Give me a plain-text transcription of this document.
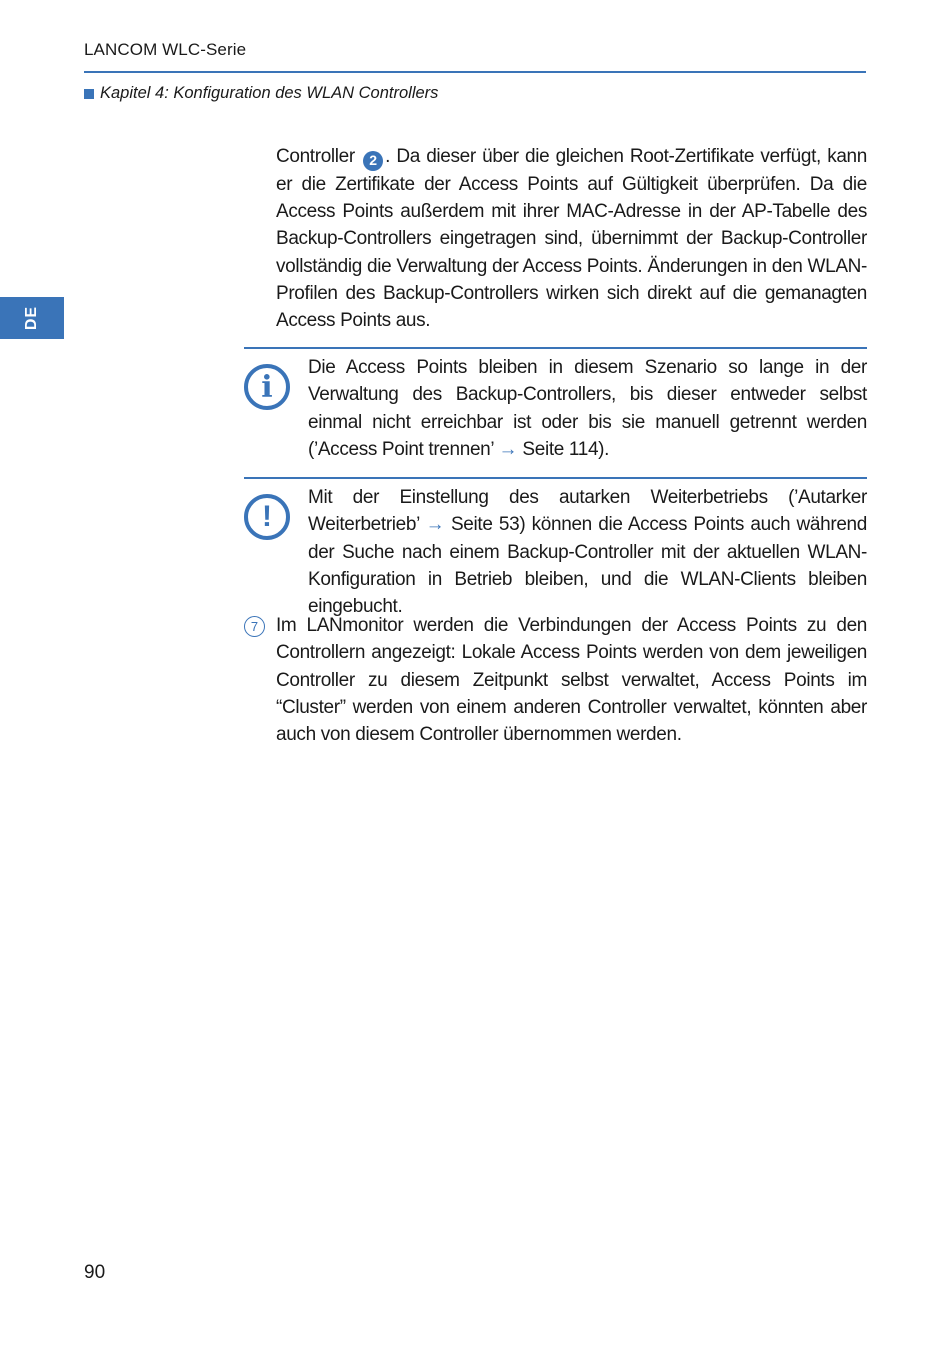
LANCOM WLC-Serie
Kapitel 4: Konfiguration des WLAN Controllers
DE
Controller 2 . Da dieser über die gleichen Root-Zertifikate verfügt, kann er die Zertifikate der Access Points auf Gültigkeit überprüfen. Da die Access Points außerdem mit ihrer MAC-Adresse in der AP-Tabelle des Backup-Controllers eingetragen sind, übernimmt der Backup-Controller vollständig die Verwaltung der Access Points. Änderungen in den WLAN-Profilen des Backup-Controllers wirken sich direkt auf die gemanagten Access Points aus.
i
Die Access Points bleiben in diesem Szenario so lange in der Verwaltung des Backup-Controllers, bis dieser entweder selbst einmal nicht erreichbar ist oder bis sie manuell getrennt werden (’Access Point trennen’ → Seite 114).
!
Mit der Einstellung des autarken Weiterbetriebs (’Autarker Weiterbetrieb’ → Seite 53) können die Access Points auch während der Suche nach einem Backup-Controller mit der aktuellen WLAN-Konfiguration in Betrieb bleiben, und die WLAN-Clients bleiben eingebucht.
7 Im LANmonitor werden die Verbindungen der Access Points zu den Controllern angezeigt: Lokale Access Points werden von dem jeweiligen Controller zu diesem Zeitpunkt selbst verwaltet, Access Points im “Cluster” werden von einem anderen Controller verwaltet, könnten aber auch von diesem Controller übernommen werden.
90
